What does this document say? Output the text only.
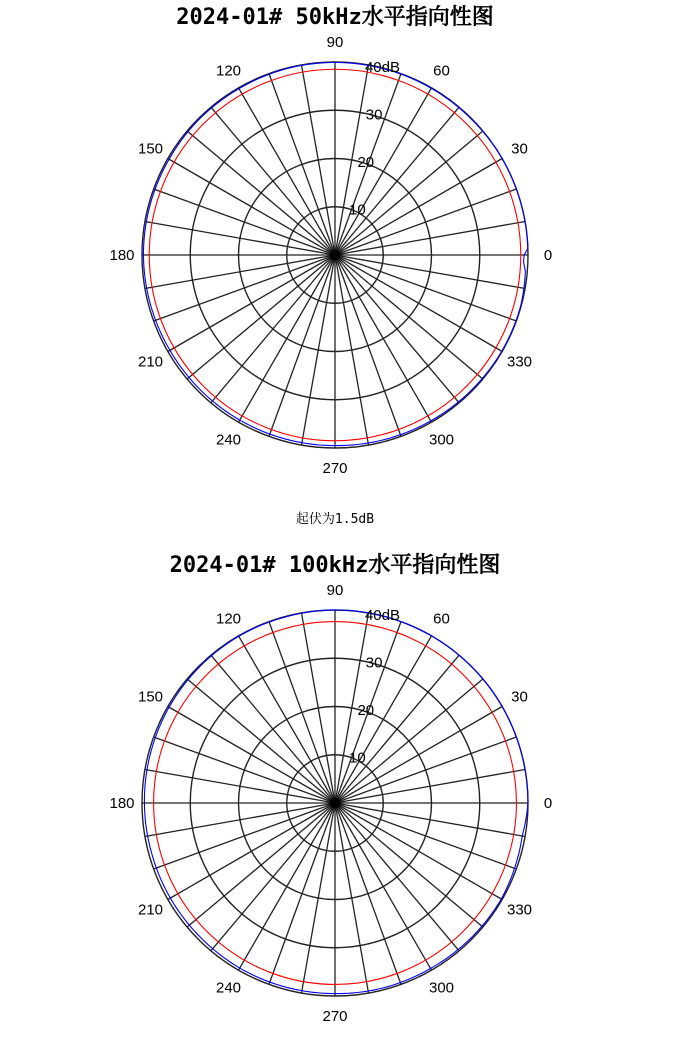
2024-01# 50kHz水平指向性图
0
30
60
90
120
150
180
210
240
270
300
330
10
20
30
40dB
起伏为1.5dB
2024-01# 100kHz水平指向性图
0
30
60
90
120
150
180
210
240
270
300
330
10
20
30
40dB
